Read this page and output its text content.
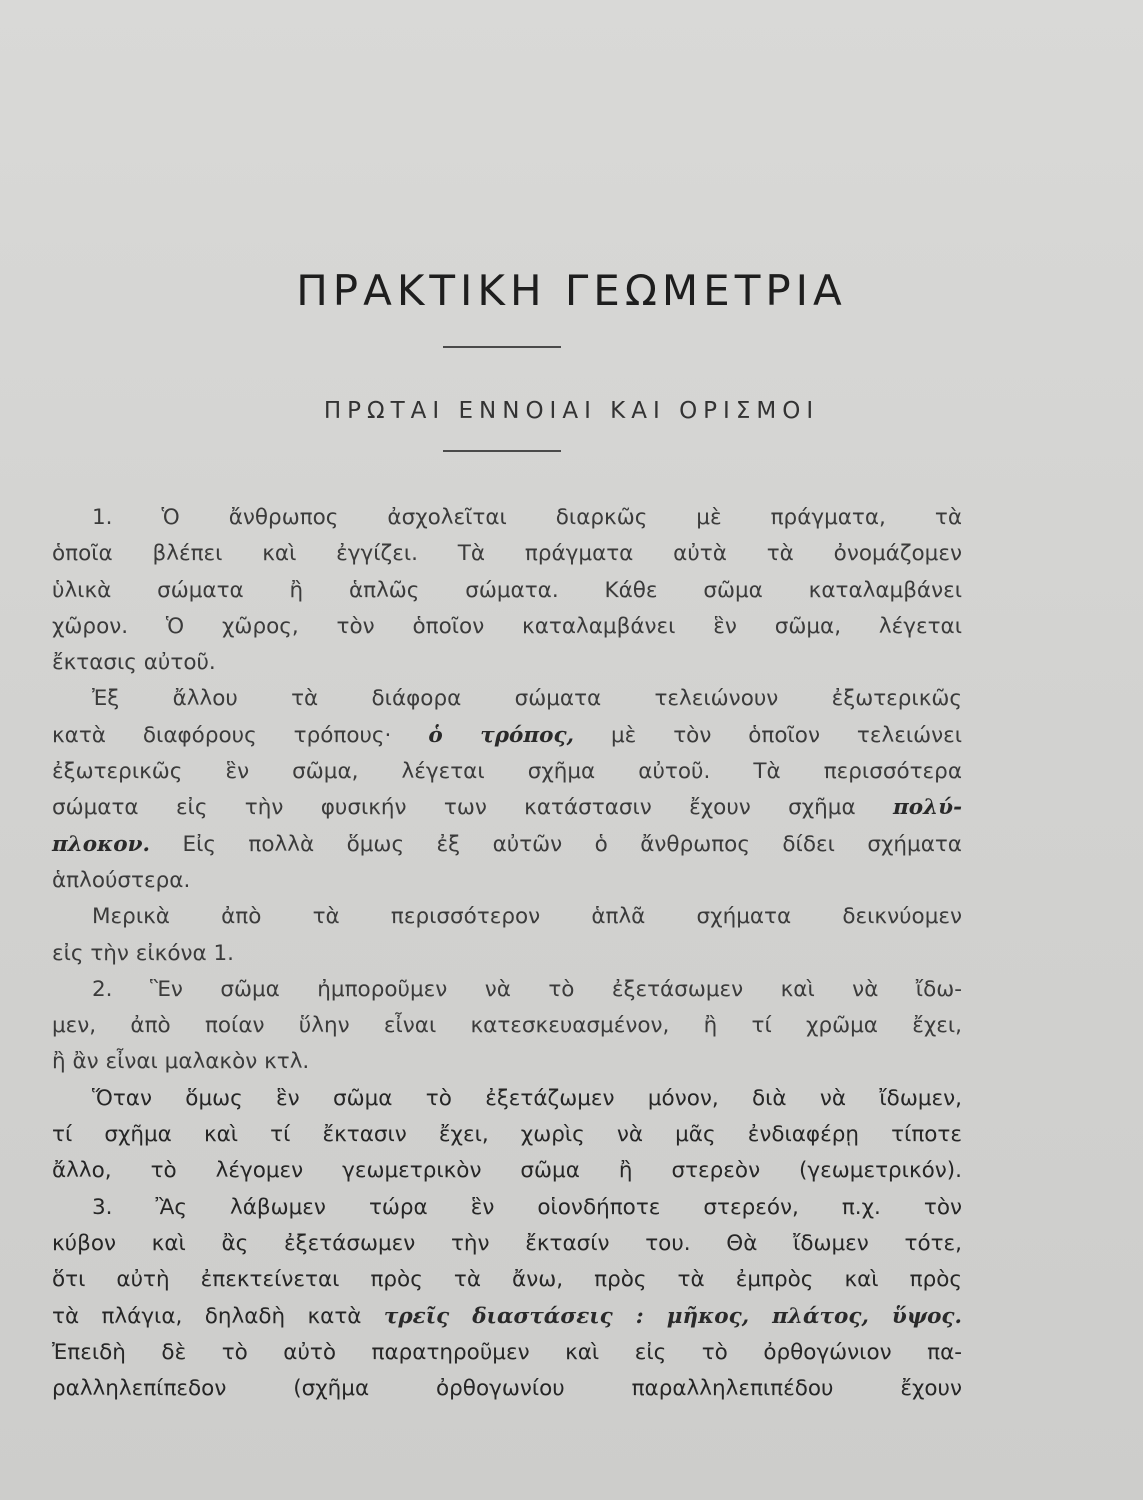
ΠΡΑΚΤΙΚΗ ΓΕΩΜΕΤΡΙΑ
ΠΡΩΤΑΙ ΕΝΝΟΙΑΙ ΚΑΙ ΟΡΙΣΜΟΙ
1. Ὁ ἄνθρωπος ἀσχολεῖται διαρκῶς μὲ πράγματα, τὰ
ὁποῖα βλέπει καὶ ἐγγίζει. Τὰ πράγματα αὐτὰ τὰ ὀνομάζομεν
ὑλικὰ σώματα ἢ ἁπλῶς σώματα. Κάθε σῶμα καταλαμβάνει
χῶρον. Ὁ χῶρος, τὸν ὁποῖον καταλαμβάνει ἓν σῶμα, λέγεται
ἔκτασις αὐτοῦ.
Ἐξ ἄλλου τὰ διάφορα σώματα τελειώνουν ἐξωτερικῶς
κατὰ διαφόρους τρόπους· ὁ τρόπος, μὲ τὸν ὁποῖον τελειώνει
ἐξωτερικῶς ἓν σῶμα, λέγεται σχῆμα αὐτοῦ. Τὰ περισσότερα
σώματα εἰς τὴν φυσικήν των κατάστασιν ἔχουν σχῆμα πολύ-
πλοκον. Εἰς πολλὰ ὅμως ἐξ αὐτῶν ὁ ἄνθρωπος δίδει σχήματα
ἁπλούστερα.
Μερικὰ ἀπὸ τὰ περισσότερον ἁπλᾶ σχήματα δεικνύομεν
εἰς τὴν εἰκόνα 1.
2. Ἓν σῶμα ἠμποροῦμεν νὰ τὸ ἐξετάσωμεν καὶ νὰ ἴδω-
μεν, ἀπὸ ποίαν ὕλην εἶναι κατεσκευασμένον, ἢ τί χρῶμα ἔχει,
ἢ ἂν εἶναι μαλακὸν κτλ.
Ὅταν ὅμως ἓν σῶμα τὸ ἐξετάζωμεν μόνον, διὰ νὰ ἴδωμεν,
τί σχῆμα καὶ τί ἔκτασιν ἔχει, χωρὶς νὰ μᾶς ἐνδιαφέρῃ τίποτε
ἄλλο, τὸ λέγομεν γεωμετρικὸν σῶμα ἢ στερεὸν (γεωμετρικόν).
3. Ἂς λάβωμεν τώρα ἓν οἱονδήποτε στερεόν, π.χ. τὸν
κύβον καὶ ἂς ἐξετάσωμεν τὴν ἔκτασίν του. Θὰ ἴδωμεν τότε,
ὅτι αὐτὴ ἐπεκτείνεται πρὸς τὰ ἄνω, πρὸς τὰ ἐμπρὸς καὶ πρὸς
τὰ πλάγια, δηλαδὴ κατὰ τρεῖς διαστάσεις : μῆκος, πλάτος, ὕψος.
Ἐπειδὴ δὲ τὸ αὐτὸ παρατηροῦμεν καὶ εἰς τὸ ὀρθογώνιον πα-
ραλληλεπίπεδον (σχῆμα ὀρθογωνίου παραλληλεπιπέδου ἔχουν
